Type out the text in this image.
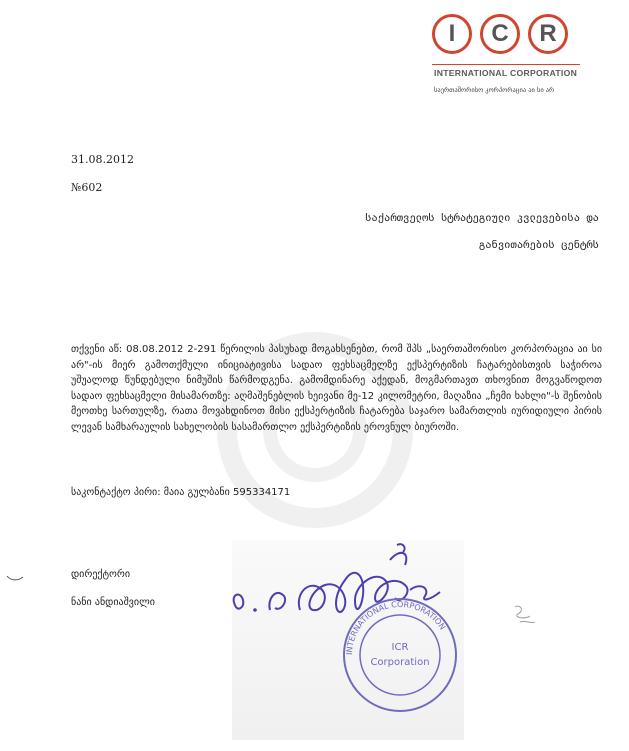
I	C	R
INTERNATIONAL CORPORATION
საერთაშორისო კორპორაცია აი სი არ
31.08.2012
№602
საქართველოს სტრატეგიული კვლევებისა და
განვითარების ცენტრს
თქვენი აწ: 08.08.2012 2-291 წერილის პასუხად მოგახსენებთ, რომ შპს „საერთაშორისო კორპორაცია აი სი არ"-ის მიერ გამოთქმული ინიციატივისა სადაო ფეხსაცმელზე ექსპერტიზის ჩატარებისთვის საჭიროა უშუალოდ წუნდებული ნიმუშის წარმოდგენა. გამომდინარე აქედან, მოგმართავთ თხოვნით მოგვაწოდოთ სადაო ფეხსაცმელი მისამართზე: აღმაშენებლის ხეივანი მე-12 კილომეტრი, მაღაზია „ჩემი ხახლი"-ს შენობის მეოთხე სართულზე, რათა მოვახდინოთ მისი ექსპერტიზის ჩატარება საჯარო სამართლის იურიდიული პირის ლევან სამხარაულის სახელობის სასამართლო ექსპერტიზის ეროვნულ ბიუროში.
საკონტაქტო პირი: მაია გულბანი 595334171
დირექტორი
ნანი ანდიაშვილი
INTERNATIONAL CORPORATION
ICR
Corporation
